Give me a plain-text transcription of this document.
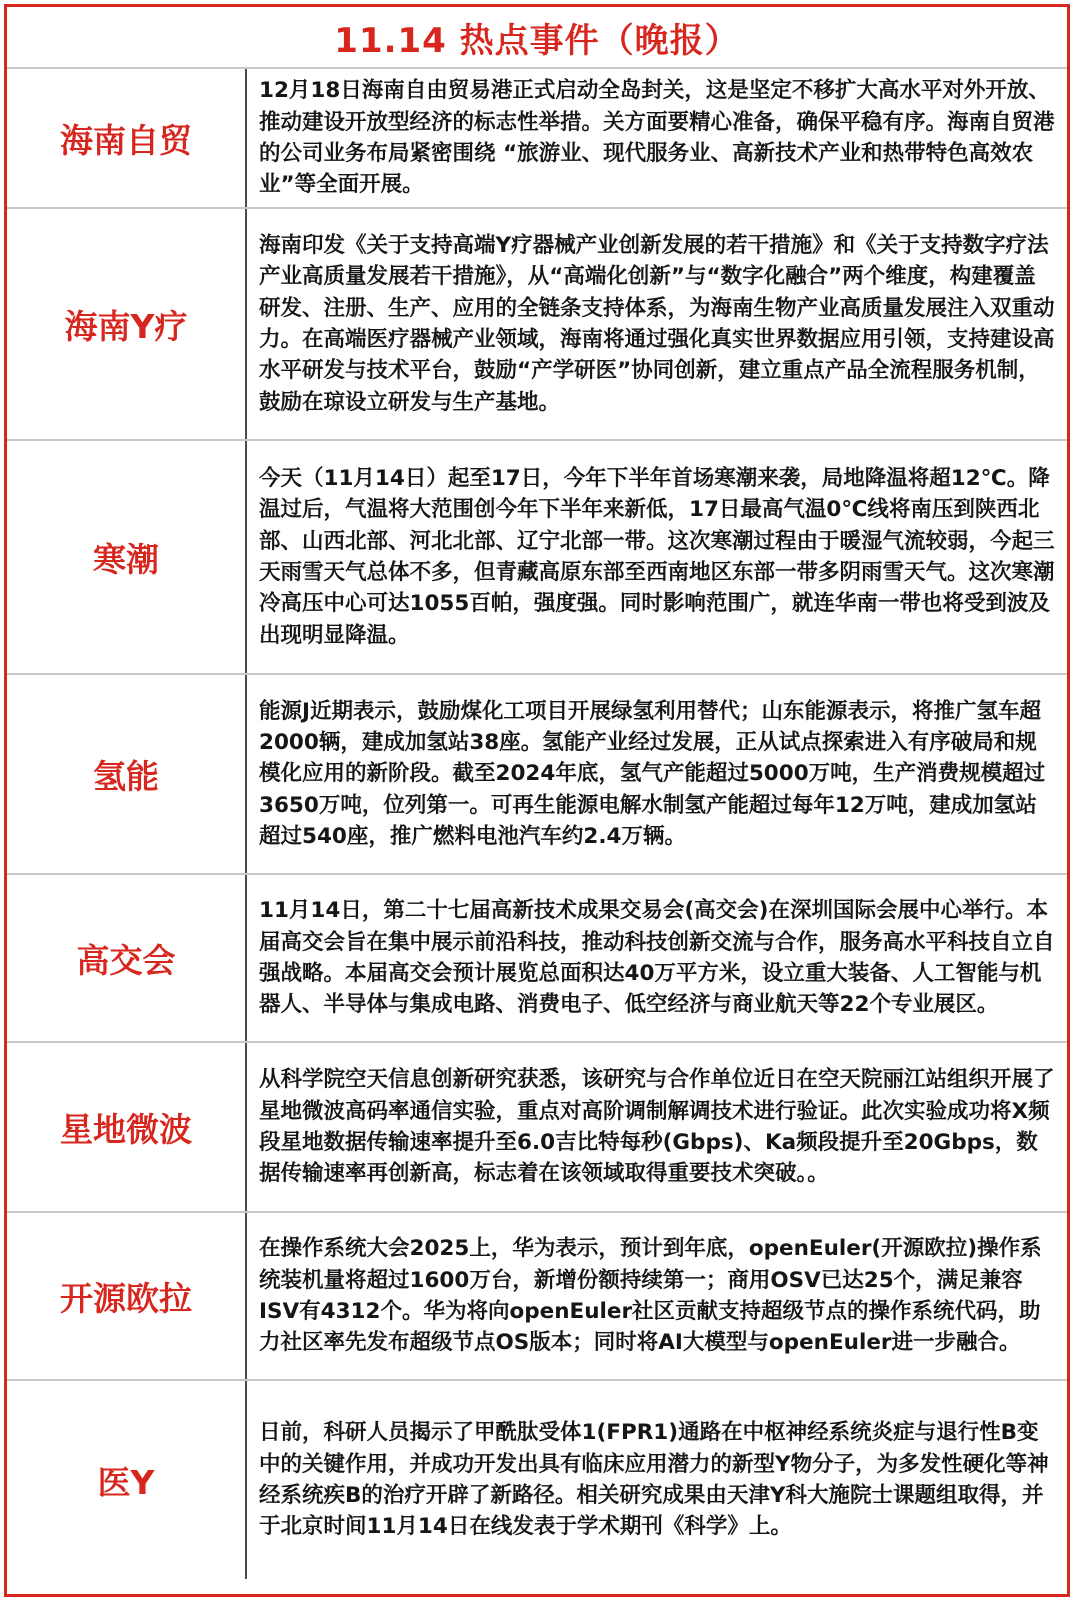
11.14 热点事件（晚报）
海南自贸

12月18日海南自由贸易港正式启动全岛封关，这是坚定不移扩大高水平对外开放、推动建设开放型经济的标志性举措。关方面要精心准备，确保平稳有序。海南自贸港的公司业务布局紧密围绕 “旅游业、现代服务业、高新技术产业和热带特色高效农业”等全面开展。

海南Y疗

海南印发《关于支持高端Y疗器械产业创新发展的若干措施》和《关于支持数字疗法产业高质量发展若干措施》，从“高端化创新”与“数字化融合”两个维度，构建覆盖研发、注册、生产、应用的全链条支持体系，为海南生物产业高质量发展注入双重动力。在高端医疗器械产业领域，海南将通过强化真实世界数据应用引领，支持建设高水平研发与技术平台，鼓励“产学研医”协同创新，建立重点产品全流程服务机制，鼓励在琼设立研发与生产基地。

寒潮

今天（11月14日）起至17日，今年下半年首场寒潮来袭，局地降温将超12℃。降温过后，气温将大范围创今年下半年来新低，17日最高气温0℃线将南压到陕西北部、山西北部、河北北部、辽宁北部一带。这次寒潮过程由于暖湿气流较弱，今起三天雨雪天气总体不多，但青藏高原东部至西南地区东部一带多阴雨雪天气。这次寒潮冷高压中心可达1055百帕，强度强。同时影响范围广，就连华南一带也将受到波及出现明显降温。

氢能

能源J近期表示，鼓励煤化工项目开展绿氢利用替代；山东能源表示，将推广氢车超2000辆，建成加氢站38座。氢能产业经过发展，正从试点探索进入有序破局和规模化应用的新阶段。截至2024年底，氢气产能超过5000万吨，生产消费规模超过3650万吨，位列第一。可再生能源电解水制氢产能超过每年12万吨，建成加氢站超过540座，推广燃料电池汽车约2.4万辆。

高交会

11月14日，第二十七届高新技术成果交易会(高交会)在深圳国际会展中心举行。本届高交会旨在集中展示前沿科技，推动科技创新交流与合作，服务高水平科技自立自强战略。本届高交会预计展览总面积达40万平方米，设立重大装备、人工智能与机器人、半导体与集成电路、消费电子、低空经济与商业航天等22个专业展区。

星地微波

从科学院空天信息创新研究获悉，该研究与合作单位近日在空天院丽江站组织开展了星地微波高码率通信实验，重点对高阶调制解调技术进行验证。此次实验成功将X频段星地数据传输速率提升至6.0吉比特每秒(Gbps)、Ka频段提升至20Gbps，数据传输速率再创新高，标志着在该领域取得重要技术突破。。

开源欧拉

在操作系统大会2025上，华为表示，预计到年底，openEuler(开源欧拉)操作系统装机量将超过1600万台，新增份额持续第一；商用OSV已达25个，满足兼容ISV有4312个。华为将向openEuler社区贡献支持超级节点的操作系统代码，助力社区率先发布超级节点OS版本；同时将AI大模型与openEuler进一步融合。

医Y

日前，科研人员揭示了甲酰肽受体1(FPR1)通路在中枢神经系统炎症与退行性B变中的关键作用，并成功开发出具有临床应用潜力的新型Y物分子，为多发性硬化等神经系统疾B的治疗开辟了新路径。相关研究成果由天津Y科大施院士课题组取得，并于北京时间11月14日在线发表于学术期刊《科学》上。
